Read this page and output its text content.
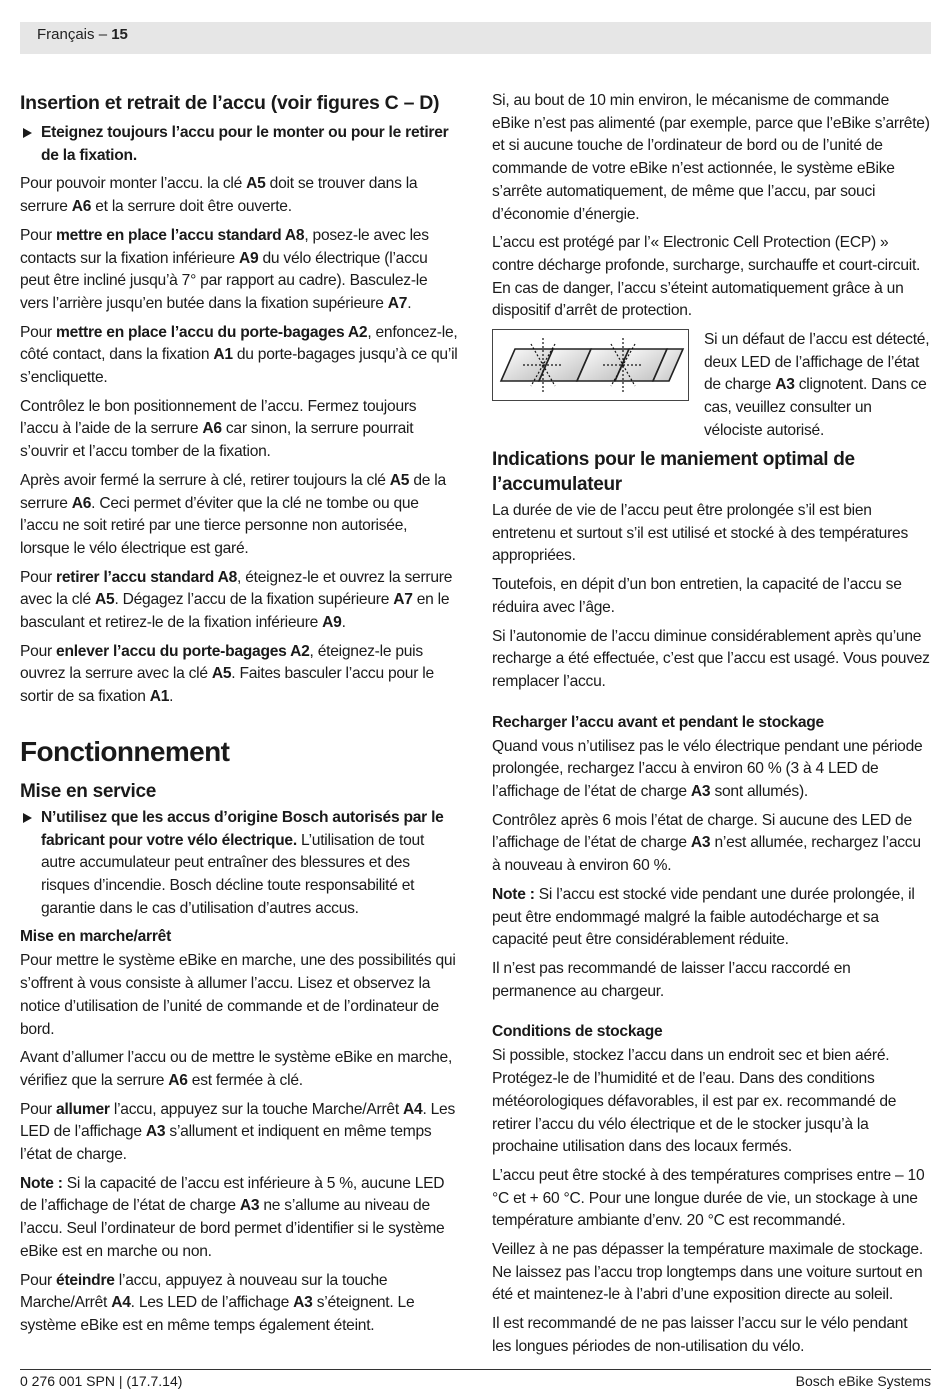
Français – 15
Insertion et retrait de l’accu (voir figures C – D)

Eteignez toujours l’accu pour le monter ou pour le retirer de la fixation.

Pour pouvoir monter l’accu. la clé A5 doit se trouver dans la serrure A6 et la serrure doit être ouverte.

Pour mettre en place l’accu standard A8, posez-le avec les contacts sur la fixation inférieure A9 du vélo électrique (l’accu peut être incliné jusqu’à 7° par rapport au cadre). Basculez-le vers l’arrière jusqu’en butée dans la fixation supérieure A7.

Pour mettre en place l’accu du porte-bagages A2, enfoncez-le, côté contact, dans la fixation A1 du porte-bagages jusqu’à ce qu’il s’encliquette.

Contrôlez le bon positionnement de l’accu. Fermez toujours l’accu à l’aide de la serrure A6 car sinon, la serrure pourrait s’ouvrir et l’accu tomber de la fixation.

Après avoir fermé la serrure à clé, retirer toujours la clé A5 de la serrure A6. Ceci permet d’éviter que la clé ne tombe ou que l’accu ne soit retiré par une tierce personne non autorisée, lorsque le vélo électrique est garé.

Pour retirer l’accu standard A8, éteignez-le et ouvrez la serrure avec la clé A5. Dégagez l’accu de la fixation supérieure A7 en le basculant et retirez-le de la fixation inférieure A9.

Pour enlever l’accu du porte-bagages A2, éteignez-le puis ouvrez la serrure avec la clé A5. Faites basculer l’accu pour le sortir de sa fixation A1.

Fonctionnement
Mise en service

N’utilisez que les accus d’origine Bosch autorisés par le fabricant pour votre vélo électrique. L’utilisation de tout autre accumulateur peut entraîner des blessures et des risques d’incendie. Bosch décline toute responsabilité et garantie dans le cas d’utilisation d’autres accus.

Mise en marche/arrêt

Pour mettre le système eBike en marche, une des possibilités qui s’offrent à vous consiste à allumer l’accu. Lisez et observez la notice d’utilisation de l’unité de commande et de l’ordinateur de bord.

Avant d’allumer l’accu ou de mettre le système eBike en marche, vérifiez que la serrure A6 est fermée à clé.

Pour allumer l’accu, appuyez sur la touche Marche/Arrêt A4. Les LED de l’affichage A3 s’allument et indiquent en même temps l’état de charge.

Note : Si la capacité de l’accu est inférieure à 5 %, aucune LED de l’affichage de l’état de charge A3 ne s’allume au niveau de l’accu. Seul l’ordinateur de bord permet d’identifier si le système eBike est en marche ou non.

Pour éteindre l’accu, appuyez à nouveau sur la touche Marche/Arrêt A4. Les LED de l’affichage A3 s’éteignent. Le système eBike est en même temps également éteint.

Si, au bout de 10 min environ, le mécanisme de commande eBike n’est pas alimenté (par exemple, parce que l’eBike s’arrête) et si aucune touche de l’ordinateur de bord ou de l’unité de commande de votre eBike n’est actionnée, le système eBike s’arrête automatiquement, de même que l’accu, par souci d’économie d’énergie.

L’accu est protégé par l’« Electronic Cell Protection (ECP) » contre décharge profonde, surcharge, surchauffe et court-circuit. En cas de danger, l’accu s’éteint automatiquement grâce à un dispositif d’arrêt de protection.

Si un défaut de l’accu est détecté, deux LED de l’affichage de l’état de charge A3 clignotent. Dans ce cas, veuillez consulter un vélociste autorisé.

Indications pour le maniement optimal de l’accumulateur

La durée de vie de l’accu peut être prolongée s’il est bien entretenu et surtout s’il est utilisé et stocké à des températures appropriées.

Toutefois, en dépit d’un bon entretien, la capacité de l’accu se réduira avec l’âge.

Si l’autonomie de l’accu diminue considérablement après qu’une recharge a été effectuée, c’est que l’accu est usagé. Vous pouvez remplacer l’accu.

Recharger l’accu avant et pendant le stockage

Quand vous n’utilisez pas le vélo électrique pendant une période prolongée, rechargez l’accu à environ 60 % (3 à 4 LED de l’affichage de l’état de charge A3 sont allumés).

Contrôlez après 6 mois l’état de charge. Si aucune des LED de l’affichage de l’état de charge A3 n’est allumée, rechargez l’accu à nouveau à environ 60 %.

Note : Si l’accu est stocké vide pendant une durée prolongée, il peut être endommagé malgré la faible autodécharge et sa capacité peut être considérablement réduite.

Il n’est pas recommandé de laisser l’accu raccordé en permanence au chargeur.

Conditions de stockage

Si possible, stockez l’accu dans un endroit sec et bien aéré. Protégez-le de l’humidité et de l’eau. Dans des conditions météorologiques défavorables, il est par ex. recommandé de retirer l’accu du vélo électrique et de le stocker jusqu’à la prochaine utilisation dans des locaux fermés.

L’accu peut être stocké à des températures comprises entre – 10 °C et + 60 °C. Pour une longue durée de vie, un stockage à une température ambiante d’env. 20 °C est recommandé.

Veillez à ne pas dépasser la température maximale de stockage. Ne laissez pas l’accu trop longtemps dans une voiture surtout en été et maintenez-le à l’abri d’une exposition directe au soleil.

Il est recommandé de ne pas laisser l’accu sur le vélo pendant les longues périodes de non-utilisation du vélo.

0 276 001 SPN | (17.7.14)	Bosch eBike Systems
